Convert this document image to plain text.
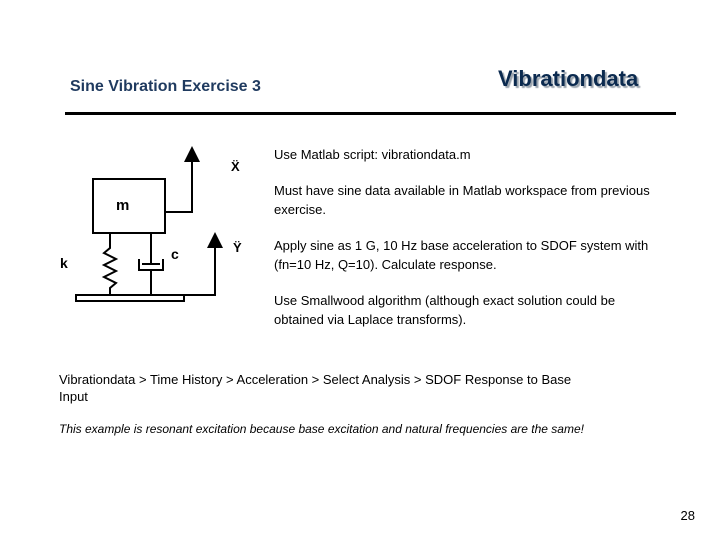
Sine Vibration Exercise 3	Vibrationdata
m
k
c
Ẍ
Ÿ

Use Matlab script: vibrationdata.m

Must have sine data available in Matlab workspace from previous exercise.

Apply sine as 1 G, 10 Hz base acceleration to SDOF system with (fn=10 Hz, Q=10). Calculate response.

Use Smallwood algorithm (although exact solution could be obtained via Laplace transforms).

Vibrationdata > Time History > Acceleration > Select Analysis > SDOF Response to Base Input

This example is resonant excitation because base excitation and natural frequencies are the same!

28
